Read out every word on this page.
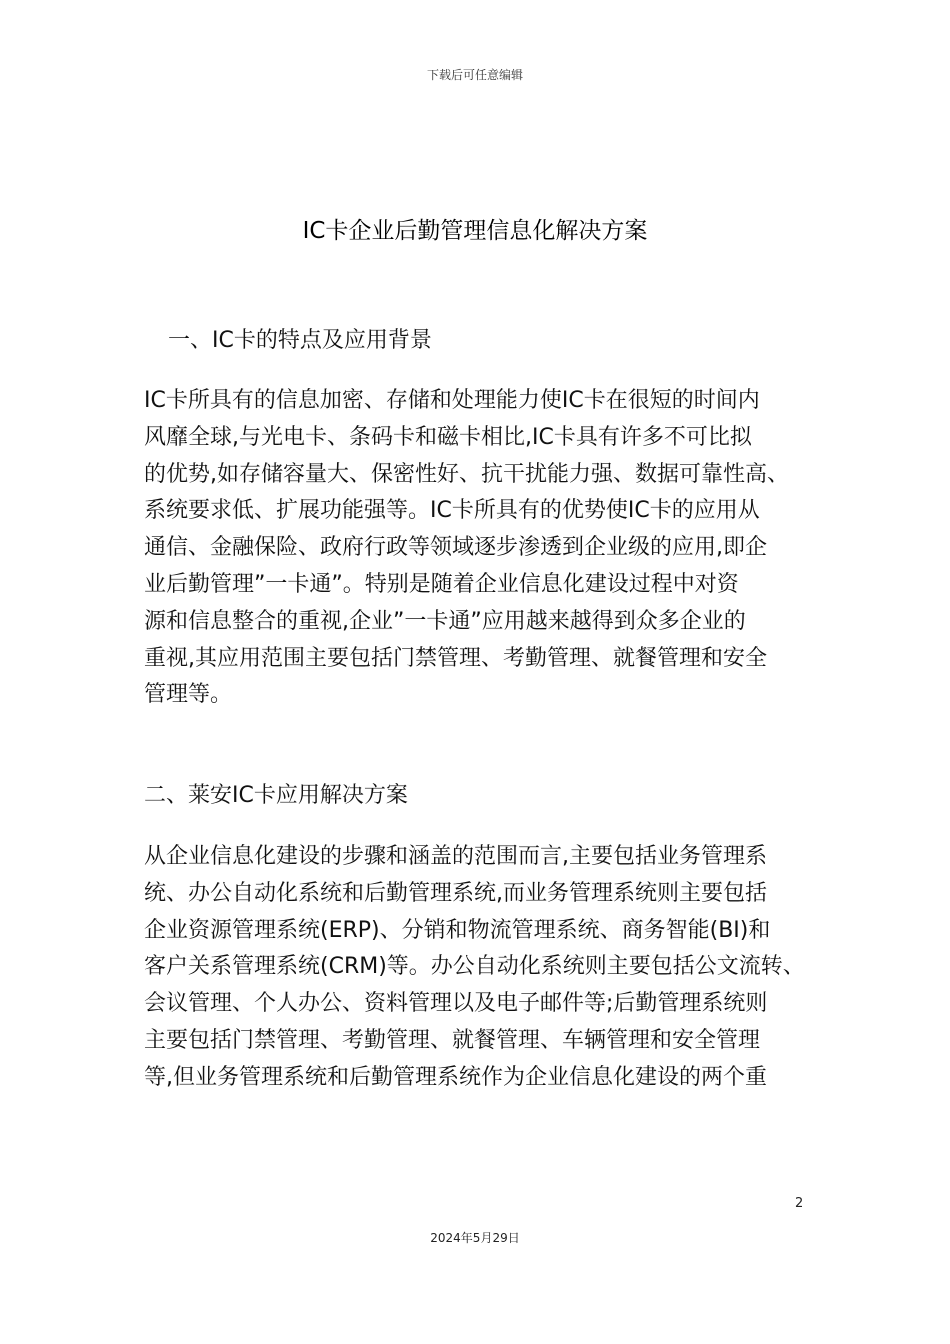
下载后可任意编辑
IC卡企业后勤管理信息化解决方案
一、IC卡的特点及应用背景
IC卡所具有的信息加密、存储和处理能力使IC卡在很短的时间内
风靡全球,与光电卡、条码卡和磁卡相比,IC卡具有许多不可比拟
的优势,如存储容量大、保密性好、抗干扰能力强、数据可靠性高、
系统要求低、扩展功能强等。IC卡所具有的优势使IC卡的应用从
通信、金融保险、政府行政等领域逐步渗透到企业级的应用,即企
业后勤管理”一卡通”。特别是随着企业信息化建设过程中对资
源和信息整合的重视,企业”一卡通”应用越来越得到众多企业的
重视,其应用范围主要包括门禁管理、考勤管理、就餐管理和安全
管理等。
二、莱安IC卡应用解决方案
从企业信息化建设的步骤和涵盖的范围而言,主要包括业务管理系
统、办公自动化系统和后勤管理系统,而业务管理系统则主要包括
企业资源管理系统(ERP)、分销和物流管理系统、商务智能(BI)和
客户关系管理系统(CRM)等。办公自动化系统则主要包括公文流转、
会议管理、个人办公、资料管理以及电子邮件等;后勤管理系统则
主要包括门禁管理、考勤管理、就餐管理、车辆管理和安全管理
等,但业务管理系统和后勤管理系统作为企业信息化建设的两个重
2
2024年5月29日
